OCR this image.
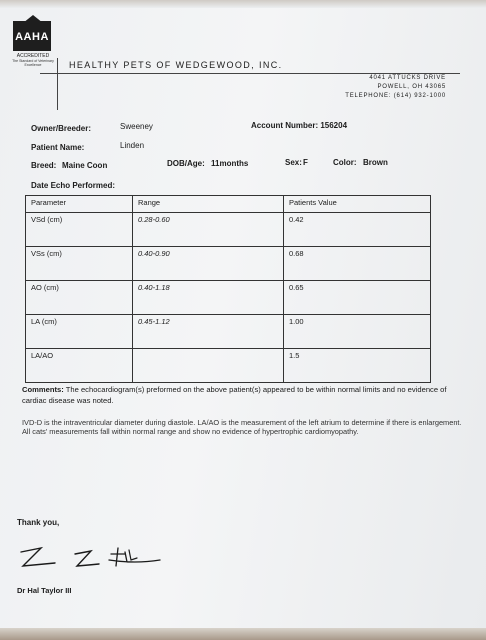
AAHA
ACCREDITED
The Standard of Veterinary Excellence	HEALTHY PETS OF WEDGEWOOD, INC.
4041 ATTUCKS DRIVE
POWELL, OH 43065
TELEPHONE: (614) 932-1000
Owner/Breeder:	Sweeney	Account Number: 156204
Patient Name:	Linden
Breed: Maine Coon	DOB/Age: 11months	Sex: F	Color: Brown
Date Echo Performed:
Parameter	Range	Patients Value
VSd (cm)	0.28-0.60	0.42
VSs (cm)	0.40-0.90	0.68
AO (cm)	0.40-1.18	0.65
LA (cm)	0.45-1.12	1.00
LA/AO		1.5
Comments: The echocardiogram(s) preformed on the above patient(s) appeared to be within normal limits and no evidence of cardiac disease was noted.
IVD-D is the intraventricular diameter during diastole. LA/AO is the measurement of the left atrium to determine if there is enlargement. All cats' measurements fall within normal range and show no evidence of hypertrophic cardiomyopathy.
Thank you,
Dr Hal Taylor III
